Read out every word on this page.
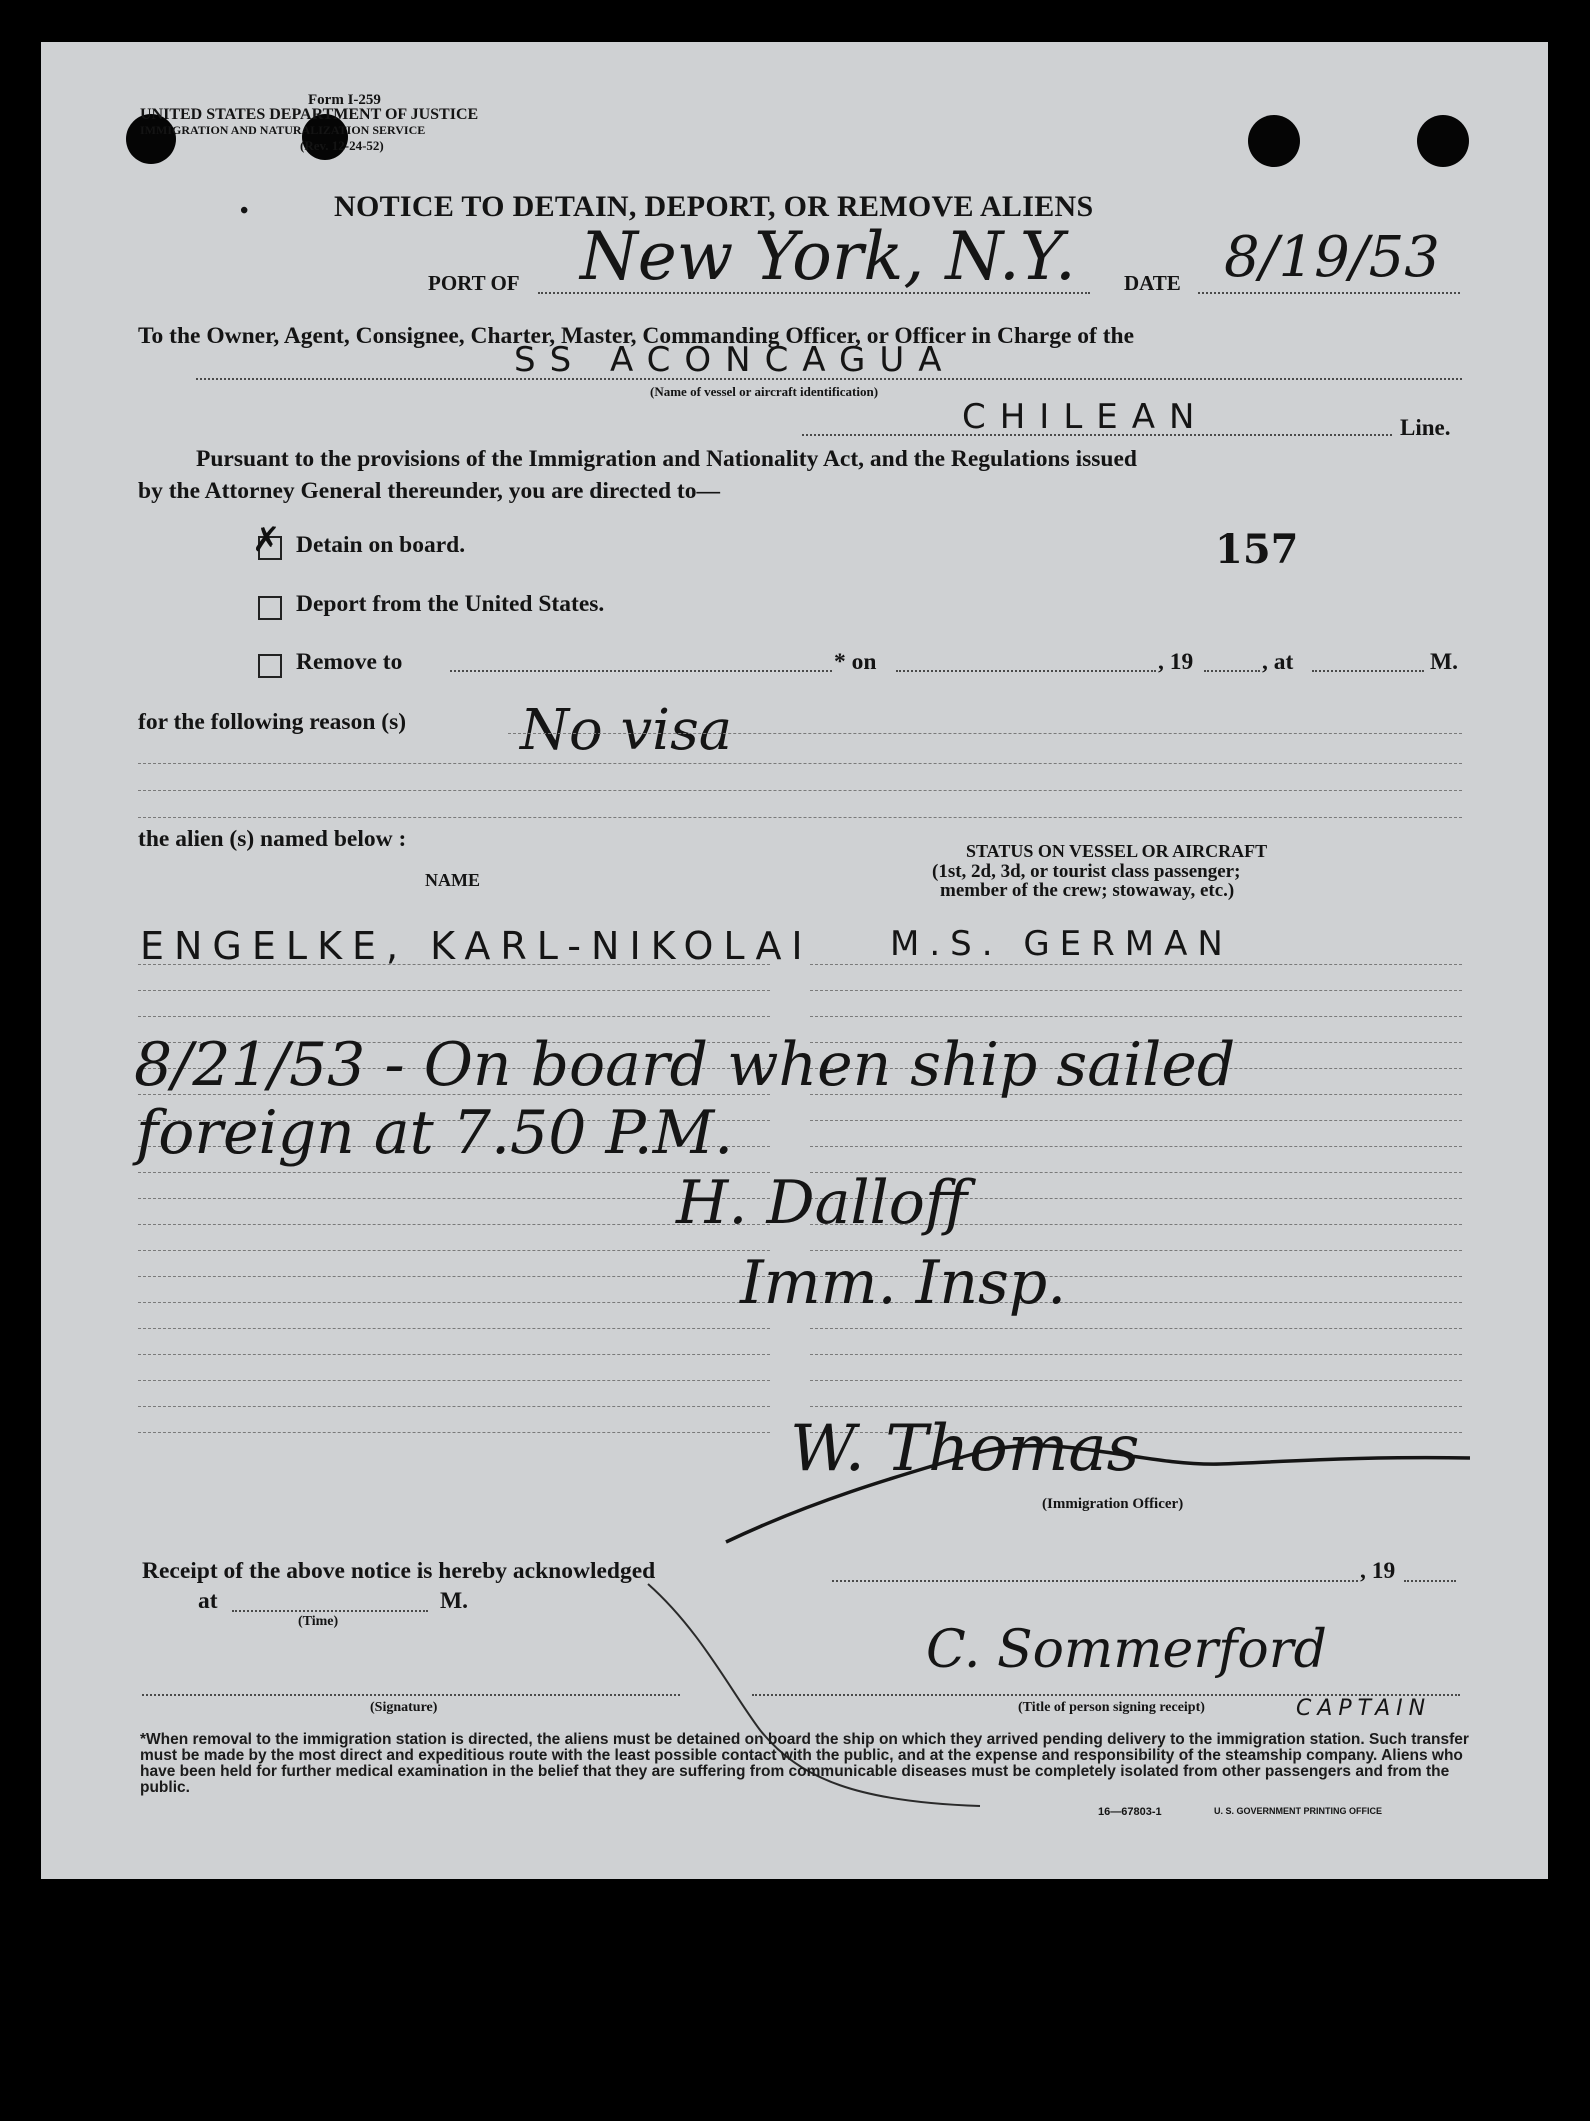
Form I-259
UNITED STATES DEPARTMENT OF JUSTICE
IMMIGRATION AND NATURALIZATION SERVICE
(Rev. 12-24-52)
NOTICE TO DETAIN, DEPORT, OR REMOVE ALIENS
•
PORT OF New York, N.Y. DATE 8/19/53
To the Owner, Agent, Consignee, Charter, Master, Commanding Officer, or Officer in Charge of the
SS ACONCAGUA
(Name of vessel or aircraft identification)
CHILEAN	Line.
Pursuant to the provisions of the Immigration and Nationality Act, and the Regulations issued
by the Attorney General thereunder, you are directed to—
✗ Detain on board.	157
Deport from the United States.
Remove to	* on	, 19	, at	M.
for the following reason (s) No visa
the alien (s) named below :
NAME
STATUS ON VESSEL OR AIRCRAFT
(1st, 2d, 3d, or tourist class passenger;
member of the crew; stowaway, etc.)
ENGELKE, KARL-NIKOLAI M.S. GERMAN
8/21/53 - On board when ship sailed
foreign at 7.50 P.M.
H. Dalloff
Imm. Insp.
W. Thomas
(Immigration Officer)
Receipt of the above notice is hereby acknowledged	, 19
at	M.
(Time)	C. Sommerford
(Signature)	(Title of person signing receipt)	CAPTAIN
*When removal to the immigration station is directed, the aliens must be detained on board the ship on which they arrived pending delivery to the immigration station. Such transfer must be made by the most direct and expeditious route with the least possible contact with the public, and at the expense and responsibility of the steamship company. Aliens who have been held for further medical examination in the belief that they are suffering from communicable diseases must be completely isolated from other passengers and from the public.
16—67803-1	U. S. GOVERNMENT PRINTING OFFICE
